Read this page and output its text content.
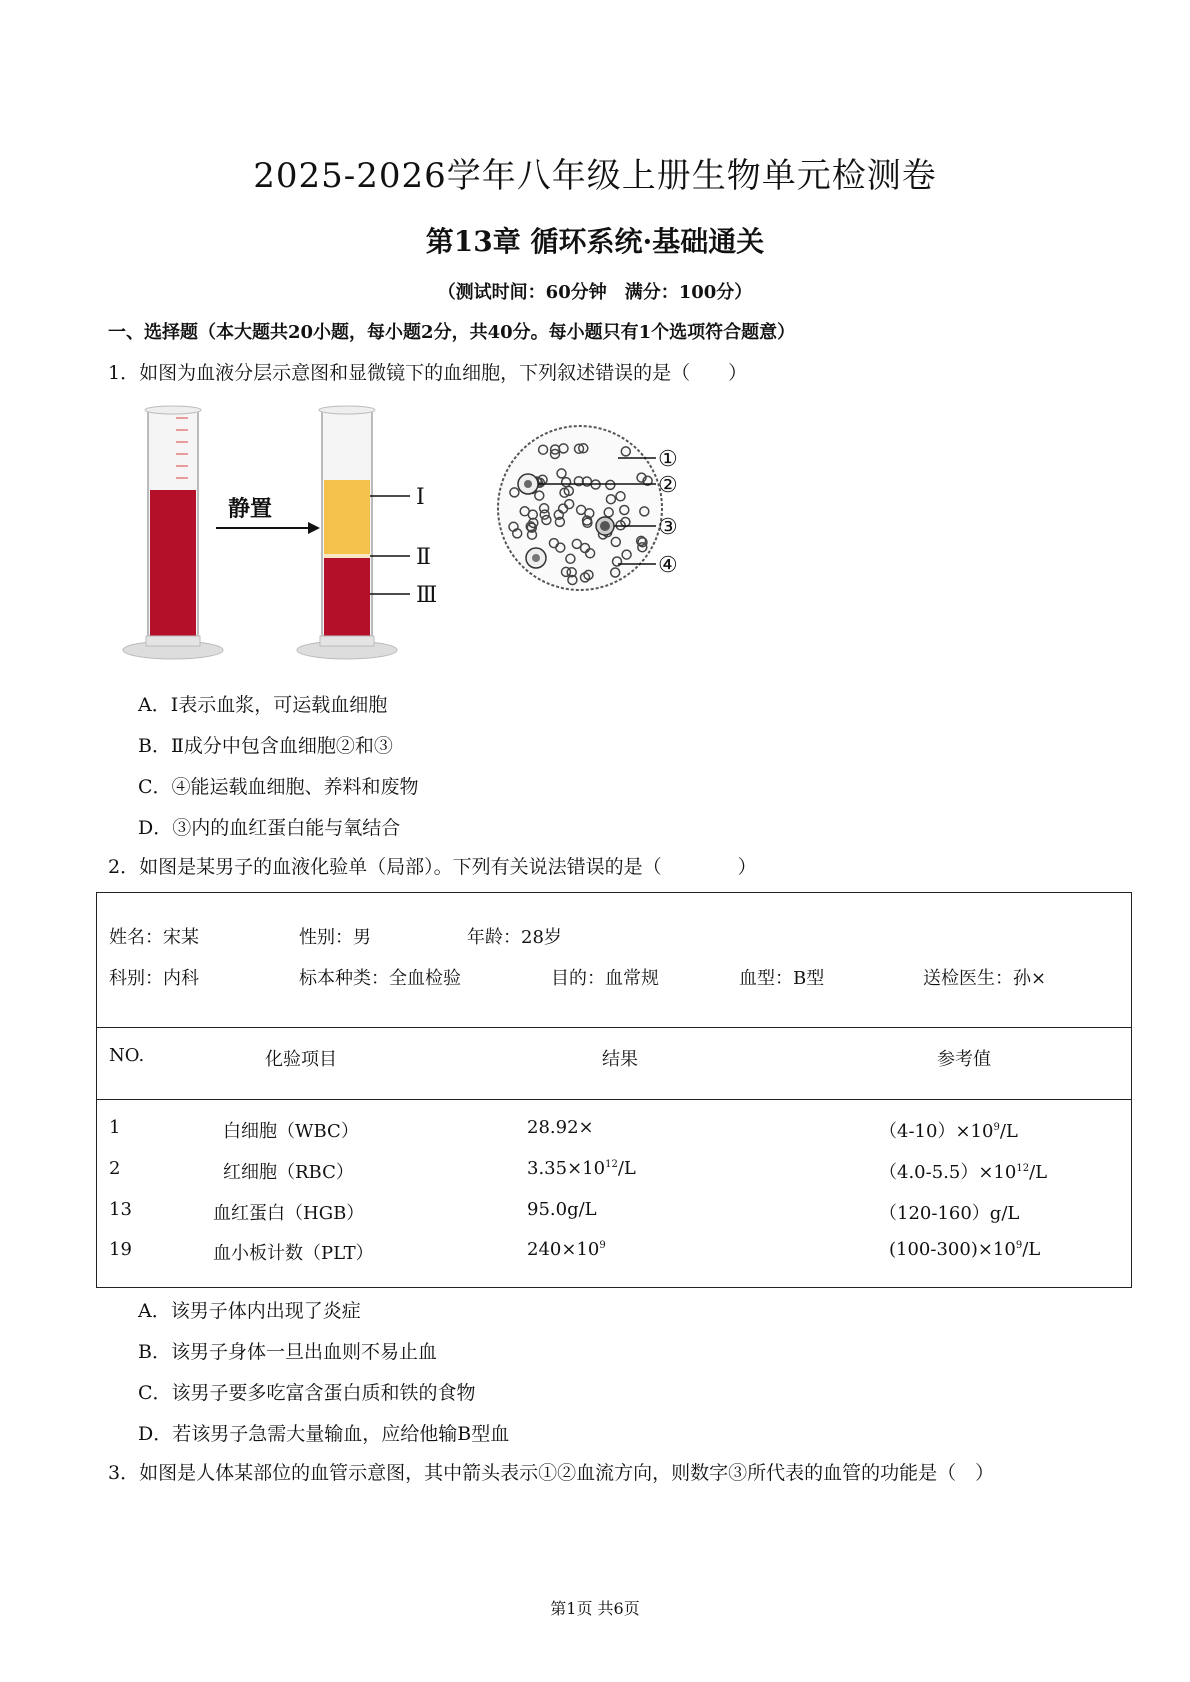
2025-2026学年八年级上册生物单元检测卷
第13章 循环系统·基础通关
（测试时间：60分钟　满分：100分）
一、选择题（本大题共20小题，每小题2分，共40分。每小题只有1个选项符合题意）
1．如图为血液分层示意图和显微镜下的血细胞，下列叙述错误的是（　　）
静置	Ⅰ
Ⅱ
Ⅲ
①
②
③
④
A．Ⅰ表示血浆，可运载血细胞
B．Ⅱ成分中包含血细胞②和③
C．④能运载血细胞、养料和废物
D．③内的血红蛋白能与氧结合
2．如图是某男子的血液化验单（局部）。下列有关说法错误的是（　　　　）
姓名：宋某	性别：男	年龄：28岁
科别：内科	标本种类：全血检验	目的：血常规	血型：B型	送检医生：孙×
NO.	化验项目	结果	参考值
1	白细胞（WBC）	28.92×	$(4-10)\times 10^9/L$
2	红细胞（RBC）	$3.35\times 10^{12}/L$	$(4.0-5.5)\times 10^{12}/L$
13	血红蛋白（HGB）	95.0g/L	（120-160）g/L
19	血小板计数（PLT）	$240\times 10^9$	$(100-300)\times 10^9/L$
A．该男子体内出现了炎症
B．该男子身体一旦出血则不易止血
C．该男子要多吃富含蛋白质和铁的食物
D．若该男子急需大量输血，应给他输B型血
3．如图是人体某部位的血管示意图，其中箭头表示①②血流方向，则数字③所代表的血管的功能是（　）
第1页 共6页
